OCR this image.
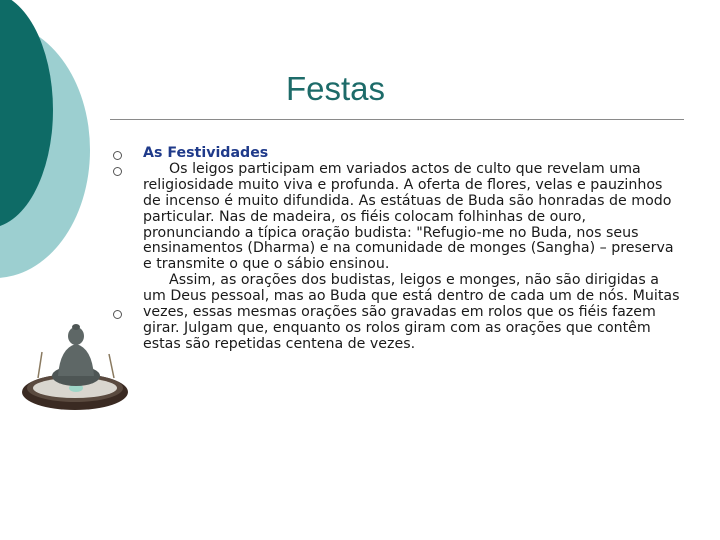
Festas

As Festividades

Os leigos participam em variados actos de culto que revelam uma religiosidade muito viva e profunda. A oferta de flores, velas e pauzinhos de incenso é muito difundida. As estátuas de Buda são honradas de modo particular. Nas de madeira, os fiéis colocam folhinhas de ouro, pronunciando a típica oração budista: "Refugio-me no Buda, nos seus ensinamentos (Dharma) e na comunidade de monges (Sangha) – preserva e transmite o que o sábio ensinou.

Assim, as orações dos budistas, leigos e monges, não são dirigidas a um Deus pessoal, mas ao Buda que está dentro de cada um de nós. Muitas vezes, essas mesmas orações são gravadas em rolos que os fiéis fazem girar. Julgam que, enquanto os rolos giram com as orações que contêm estas são repetidas centena de vezes.
